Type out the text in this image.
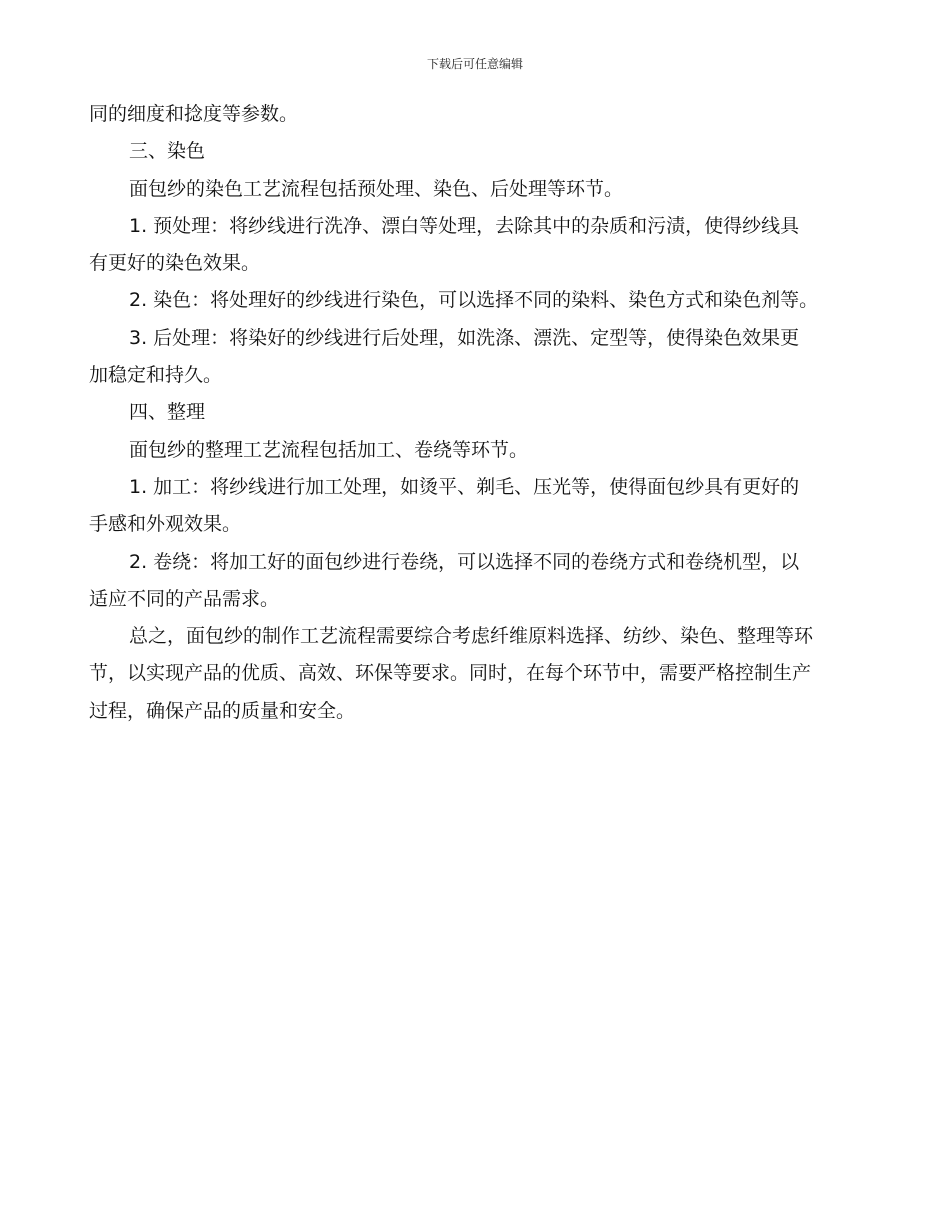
下载后可任意编辑

同的细度和捻度等参数。

三、染色

面包纱的染色工艺流程包括预处理、染色、后处理等环节。

1. 预处理：将纱线进行洗净、漂白等处理，去除其中的杂质和污渍，使得纱线具

有更好的染色效果。

2. 染色：将处理好的纱线进行染色，可以选择不同的染料、染色方式和染色剂等。

3. 后处理：将染好的纱线进行后处理，如洗涤、漂洗、定型等，使得染色效果更

加稳定和持久。

四、整理

面包纱的整理工艺流程包括加工、卷绕等环节。

1. 加工：将纱线进行加工处理，如烫平、剃毛、压光等，使得面包纱具有更好的

手感和外观效果。

2. 卷绕：将加工好的面包纱进行卷绕，可以选择不同的卷绕方式和卷绕机型，以

适应不同的产品需求。

总之，面包纱的制作工艺流程需要综合考虑纤维原料选择、纺纱、染色、整理等环

节，以实现产品的优质、高效、环保等要求。同时，在每个环节中，需要严格控制生产

过程，确保产品的质量和安全。
